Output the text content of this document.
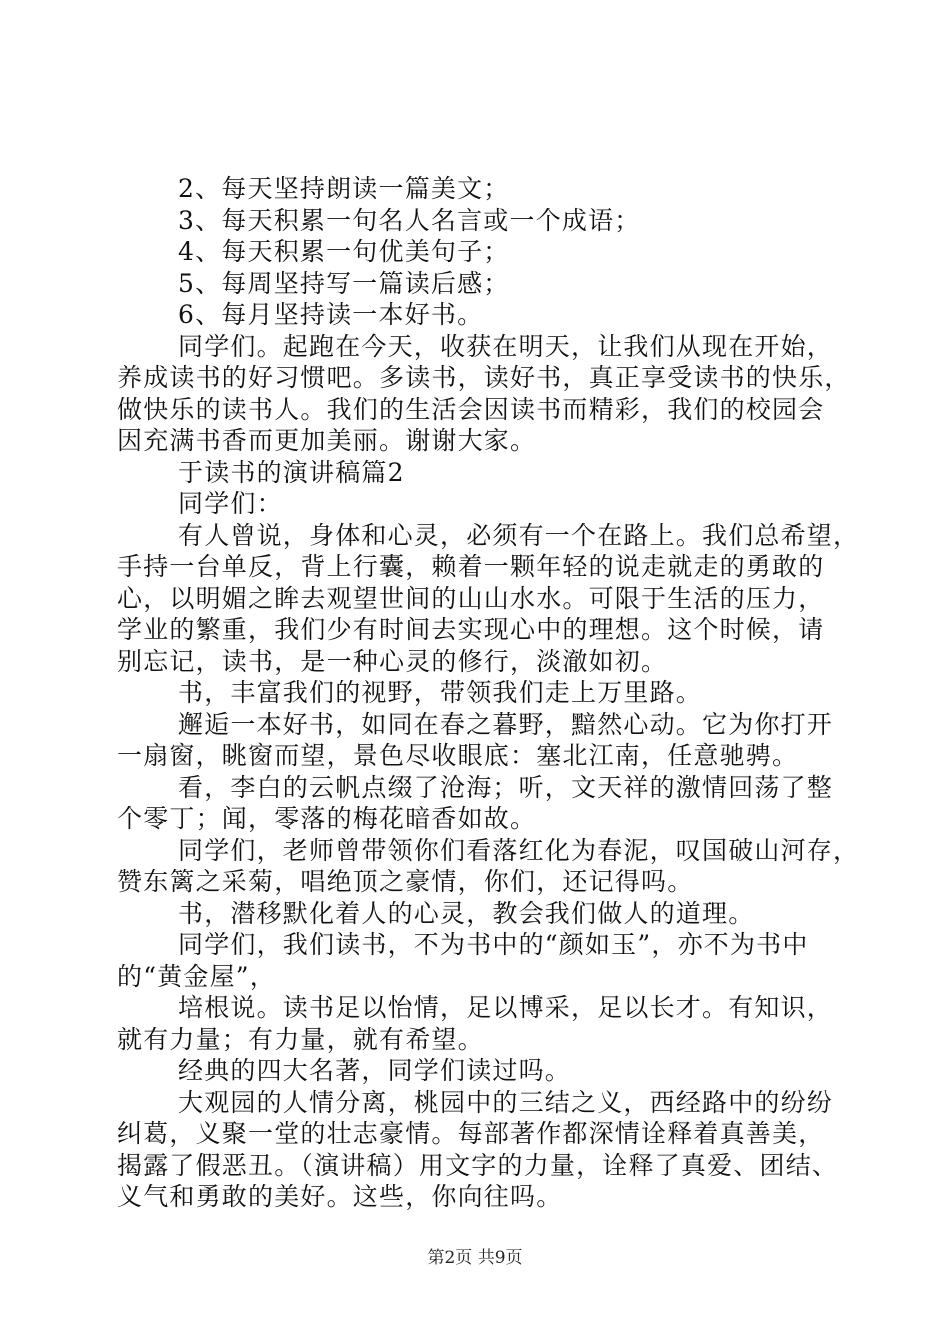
2、每天坚持朗读一篇美文；
3、每天积累一句名人名言或一个成语；
4、每天积累一句优美句子；
5、每周坚持写一篇读后感；
6、每月坚持读一本好书。
同学们。起跑在今天，收获在明天，让我们从现在开始，
养成读书的好习惯吧。多读书，读好书，真正享受读书的快乐，
做快乐的读书人。我们的生活会因读书而精彩，我们的校园会
因充满书香而更加美丽。谢谢大家。
于读书的演讲稿篇2
同学们：
有人曾说，身体和心灵，必须有一个在路上。我们总希望，
手持一台单反，背上行囊，赖着一颗年轻的说走就走的勇敢的
心，以明媚之眸去观望世间的山山水水。可限于生活的压力，
学业的繁重，我们少有时间去实现心中的理想。这个时候，请
别忘记，读书，是一种心灵的修行，淡澈如初。
书，丰富我们的视野，带领我们走上万里路。
邂逅一本好书，如同在春之暮野，黯然心动。它为你打开
一扇窗，眺窗而望，景色尽收眼底：塞北江南，任意驰骋。
看，李白的云帆点缀了沧海；听，文天祥的激情回荡了整
个零丁；闻，零落的梅花暗香如故。
同学们，老师曾带领你们看落红化为春泥，叹国破山河存，
赞东篱之采菊，唱绝顶之豪情，你们，还记得吗。
书，潜移默化着人的心灵，教会我们做人的道理。
同学们，我们读书，不为书中的“颜如玉”，亦不为书中
的“黄金屋”，
培根说。读书足以怡情，足以博采，足以长才。有知识，
就有力量；有力量，就有希望。
经典的四大名著，同学们读过吗。
大观园的人情分离，桃园中的三结之义，西经路中的纷纷
纠葛，义聚一堂的壮志豪情。每部著作都深情诠释着真善美，
揭露了假恶丑。（演讲稿）用文字的力量，诠释了真爱、团结、
义气和勇敢的美好。这些，你向往吗。
第2页 共9页
